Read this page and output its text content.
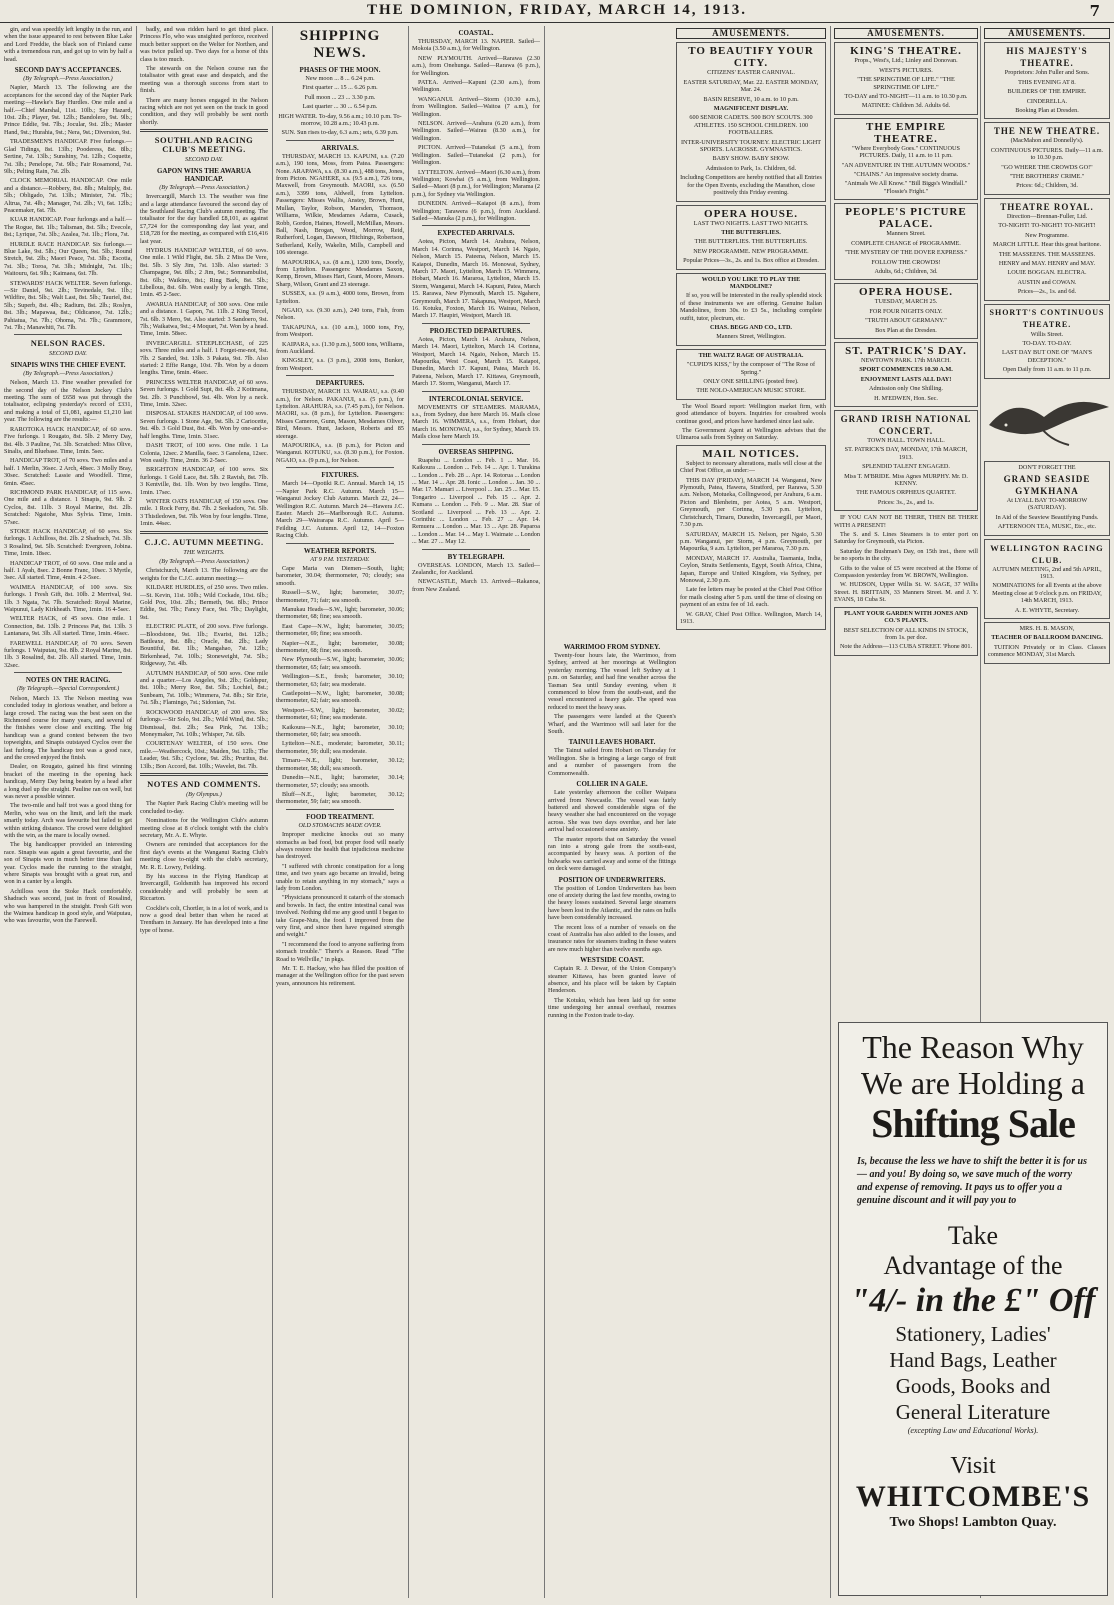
THE DOMINION, FRIDAY, MARCH 14, 1913.	7

gin, and was speedily left lengthy in the run, and when the issue appeared to rest between Blue Lake and Lord Freddie, the black son of Finland came with a tremendous run, and got up to win by half a head.

SECOND DAY'S ACCEPTANCES.
(By Telegraph.—Press Association.)

Napier, March 13. The following are the acceptances for the second day of the Napier Park meeting:—Hawke's Bay Hurdles. One mile and a half.—Chief Marshal, 11st. 10lb.; Say Hazard, 10st. 2lb.; Player, 9st. 12lb.; Bandolero, 9st. 9lb.; Prince Eddie, 9st. 7lb.; Jocular, 9st. 2lb.; Master Hand, 9st.; Hurahia, 9st.; Nera, 9st.; Diversion, 9st.

TRADESMEN'S HANDICAP. Five furlongs.—Glad Tidings, 8st. 13lb.; Pooderess, 8st. 8lb.; Sertine, 7st. 13lb.; Sunshiny, 7st. 12lb.; Coquette, 7st. 3lb.; Penelope, 7st. 9lb.; Fair Rosamond, 7st. 9lb.; Pelting Rain, 7st. 2lb.

CLOCK MEMORIAL HANDICAP. One mile and a distance.—Robbery, 8st. 8lb.; Multiply, 8st. 5lb.; Obligado, 7st. 13lb.; Minister, 7st. 7lb.; Altrua, 7st. 4lb.; Manager, 7st. 2lb.; Vi, 6st. 12lb.; Peacemaker, 6st. 7lb.

KUAR HANDICAP. Four furlongs and a half.—The Rogue, 8st. 1lb.; Talisman, 8st. 5lb.; Evecole, 8st.; Lyrique, 7st. 3lb.; Azalea, 7st. 1lb.; Flora, 7st.

HURDLE RACE HANDICAP. Six furlongs.—Blue Lake, 9st. 5lb.; Our Queen, 9st. 5lb.; Round Stretch, 9st. 2lb.; Maori Peace, 7st. 3lb.; Escotia, 7st. 3lb.; Toroa, 7st. 3lb.; Midnight, 7st. 1lb.; Waitouru, 6st. 9lb.; Kaimaea, 6st. 7lb.

STEWARDS' HACK WELTER. Seven furlongs.—Sir Daniel, 9st. 2lb.; Tevinedale, 9st. 1lb.; Wildfire, 8st. 5lb.; Walt Last, 8st. 5lb.; Tauriel, 8st. 5lb.; Superb, 8st. 4lb.; Radium, 8st. 2lb.; Roslyn, 8st. 3lb.; Mapawaa, 8st.; Oldicanoe, 7st. 12lb.; Pahiatua, 7st. 7lb.; Ohoma, 7st. 7lb.; Grammore, 7st. 7lb.; Manawhiti, 7st. 7lb.

NELSON RACES.
SECOND DAY.
SINAPIS WINS THE CHIEF EVENT.
(By Telegraph.—Press Association.)

Nelson, March 13. Fine weather prevailed for the second day of the Nelson Jockey Club's meeting. The sum of £658 was put through the totalisator, eclipsing yesterday's record of £331, and making a total of £1,081, against £1,210 last year. The following are the results:—

RAROTOKA HACK HANDICAP, of 60 sovs. Five furlongs. 1 Rougato, 8st. 5lb. 2 Merry Day, 8st. 4lb. 3 Pauline, 7st. 3lb. Scratched: Miss Olive, Sinalis, and Bluebase. Time, 1min. 5sec.

HANDICAP TROT, of 70 sovs. Two miles and a half. 1 Merlin, 36sec. 2 Arch, 48sec. 3 Molly Bray, 30sec. Scratched: Lassie and Woodfell. Time, 6min. 45sec.

RICHMOND PARK HANDICAP, of 115 sovs. One mile and a distance. 1 Sinapis, 9st. 9lb. 2 Cyclos, 8st. 11lb. 3 Royal Marine, 8st. 2lb. Scratched: Ngatohe, Mus Sylvia. Time, 1min. 57sec.

STOKE HACK HANDICAP, of 60 sovs. Six furlongs. 1 Achilloss, 8st. 2lb. 2 Shadrach, 7st. 3lb. 3 Rosalind, 9st. 5lb. Scratched: Evergreen, Jobina. Time, 1min. 18sec.

HANDICAP TROT, of 60 sovs. One mile and a half. 1 Ayah, 8sec. 2 Bonne Franc, 10sec. 3 Myrtle, 3sec. All started. Time, 4min. 4 2-5sec.

WAIMEA HANDICAP, of 100 sovs. Six furlongs. 1 Fresh Gift, 8st. 10lb. 2 Merrival, 9st. 1lb. 3 Ngata, 7st. 7lb. Scratched: Royal Marine, Waipunui, Lady Kirkheath. Time, 1min. 16 4-5sec.

WELTER HACK, of 45 sovs. One mile. 1 Connection, 8st. 13lb. 2 Princess Pat, 8st. 13lb. 3 Lantanara, 9st. 3lb. All started. Time, 1min. 46sec.

FAREWELL HANDICAP, of 70 sovs. Seven furlongs. 1 Waiputau, 9st. 8lb. 2 Royal Marine, 8st. 1lb. 3 Rosalind, 8st. 2lb. All started. Time, 1min. 32sec.

NOTES ON THE RACING.
(By Telegraph.—Special Correspondent.)

Nelson, March 13. The Nelson meeting was concluded today in glorious weather, and before a large crowd. The racing was the best seen on the Richmond course for many years, and several of the finishes were close and exciting. The big handicap was a grand contest between the two topweights, and Sinapis outstayed Cyclos over the last furlong. The handicap trot was a good race, and the crowd enjoyed the finish.

Dealer, on Rougato, gained his first winning bracket of the meeting in the opening hack handicap, Merry Day being beaten by a head after a long duel up the straight. Pauline ran on well, but was never a possible winner.

The two-mile and half trot was a good thing for Merlin, who was on the limit, and left the mark smartly today. Arch was favourite but failed to get within striking distance. The crowd were delighted with the win, as the mare is locally owned.

The big handicapper provided an interesting race. Sinapis was again a great favourite, and the son of Sinapis won in much better time than last year. Cyclos made the running to the straight, where Sinapis was brought with a great run, and won in a canter by a length.

Achilloss won the Stoke Hack comfortably. Shadrach was second, just in front of Rosalind, who was hampered in the straight. Fresh Gift won the Waimea handicap in good style, and Waiputau, who was favourite, won the Farewell.

badly, and was ridden hard to get third place. Princess Flo, who was unsighted perforce, received much better support on the Welter for Northen, and was twice pulled up. Two days for a horse of this class is too much.

The stewards on the Nelson course ran the totalisator with great ease and despatch, and the meeting was a thorough success from start to finish.

There are many horses engaged in the Nelson racing which are not yet seen on the track in good condition, and they will probably be sent north shortly.

SOUTHLAND RACING CLUB'S MEETING.
SECOND DAY.
GAPON WINS THE AWARUA HANDICAP.
(By Telegraph.—Press Association.)

Invercargill, March 13. The weather was fine and a large attendance favoured the second day of the Southland Racing Club's autumn meeting. The totalisator for the day handled £8,101, as against £7,724 for the corresponding day last year, and £18,728 for the meeting, as compared with £16,416 last year.

HYDRUS HANDICAP WELTER, of 60 sovs. One mile. 1 Wild Flight, 8st. 5lb. 2 Miss De Vere, 8st. 5lb. 3 Sly Jim, 7st. 13lb. Also started: 3 Champagne, 9st. 8lb.; 2 Jim, 9st.; Somnambulist, 8st. 6lb.; Waikino, 8st.; Ring Bark, 8st. 5lb.; Libellous, 8st. 6lb. Won easily by a length. Time, 1min. 45 2-5sec.

AWARUA HANDICAP, of 300 sovs. One mile and a distance. 1 Gapon, 7st. 11lb. 2 King Tercel, 7st. 6lb. 3 Mero, 9st. Also started: 3 Sandoero, 9st. 7lb.; Waikatwa, 9st.; 4 Moquet, 7st. Won by a head. Time, 1min. 58sec.

INVERCARGILL STEEPLECHASE, of 225 sovs. Three miles and a half. 1 Forget-me-not, 9st. 7lb. 2 Sanded, 9st. 13lb. 3 Pakata, 9st. 7lb. Also started: 2 Effie Range, 10st. 7lb. Won by a dozen lengths. Time, 6min. 46sec.

PRINCESS WELTER HANDICAP, of 60 sovs. Seven furlongs. 1 Gold Supt, 8st. 4lb. 2 Kotimana, 9st. 2lb. 3 Punchbowl, 9st. 4lb. Won by a neck. Time, 1min. 32sec.

DISPOSAL STAKES HANDICAP, of 100 sovs. Seven furlongs. 1 Stone Age, 9st. 5lb. 2 Cariocette, 9st. 4lb. 3 Gold Dust, 8st. 4lb. Won by one-and-a-half lengths. Time, 1min. 31sec.

DASH TROT, of 100 sovs. One mile. 1 La Colonia, 12sec. 2 Manilla, 6sec. 3 Ganolena, 12sec. Won easily. Time, 2min. 36 2-5sec.

BRIGHTON HANDICAP, of 100 sovs. Six furlongs. 1 Gold Lace, 8st. 5lb. 2 Ravish, 8st. 7lb. 3 Kentville, 8st. 1lb. Won by two lengths. Time, 1min. 17sec.

WINTER OATS HANDICAP, of 150 sovs. One mile. 1 Rock Ferry, 8st. 7lb. 2 Seekadors, 7st. 5lb. 3 Thistledown, 9st. 7lb. Won by four lengths. Time, 1min. 44sec.

C.J.C. AUTUMN MEETING.
THE WEIGHTS.
(By Telegraph.—Press Association.)

Christchurch, March 13. The following are the weights for the C.J.C. autumn meeting:—

KILDARE HURDLES, of 250 sovs. Two miles.—St. Kevin, 11st. 10lb.; Wild Cockade, 10st. 6lb.; Gold Pox, 10st. 2lb.; Bermeth, 9st. 8lb.; Prince Eddie, 9st. 7lb.; Fancy Face, 9st. 7lb.; Daylight, 9st.

ELECTRIC PLATE, of 200 sovs. Five furlongs.—Bloodstone, 9st. 1lb.; Evarist, 8st. 12lb.; Battleaxe, 8st. 8lb.; Oracle, 8st. 2lb.; Lady Bountiful, 8st. 1lb.; Mangahao, 7st. 12lb.; Birkenhead, 7st. 10lb.; Stoneweight, 7st. 5lb.; Ridgeway, 7st. 4lb.

AUTUMN HANDICAP, of 500 sovs. One mile and a quarter.—Los Angeles, 9st. 2lb.; Goldspur, 8st. 10lb.; Merry Roe, 8st. 5lb.; Lochiel, 8st.; Sunbeam, 7st. 10lb.; Wimmera, 7st. 8lb.; Sir Erie, 7st. 5lb.; Flamingo, 7st.; Sidonian, 7st.

ROCKWOOD HANDICAP, of 200 sovs. Six furlongs.—Sir Solo, 9st. 2lb.; Wild Wind, 8st. 5lb.; Dismissal, 8st. 2lb.; Sea Pink, 7st. 13lb.; Moneymaker, 7st. 10lb.; Whisper, 7st. 6lb.

COURTENAY WELTER, of 150 sovs. One mile.—Weathercock, 10st.; Maiden, 9st. 12lb.; The Leader, 9st. 5lb.; Cyclone, 9st. 2lb.; Pruritus, 8st. 13lb.; Bon Accord, 8st. 10lb.; Wavelet, 8st. 7lb.

NOTES AND COMMENTS.
(By Olympus.)

The Napier Park Racing Club's meeting will be concluded to-day.

Nominations for the Wellington Club's autumn meeting close at 8 o'clock tonight with the club's secretary, Mr. A. E. Whyte.

Owners are reminded that acceptances for the first day's events at the Wanganui Racing Club's meeting close to-night with the club's secretary, Mr. R. E. Lowry, Feilding.

By his success in the Flying Handicap at Invercargill, Goldsmith has improved his record considerably and will probably be seen at Riccarton.

Cocklie's colt, Chortler, is in a lot of work, and is now a good deal better than when he raced at Trentham in January. He has developed into a fine type of horse.

SHIPPING NEWS.
PHASES OF THE MOON.

New moon ... 8 ... 6.24 p.m.

First quarter ... 15 ... 6.26 p.m.

Full moon ... 23 ... 3.30 p.m.

Last quarter ... 30 ... 6.54 p.m.

HIGH WATER. To-day, 9.56 a.m.; 10.10 p.m. To-morrow, 10.28 a.m.; 10.43 p.m.

SUN. Sun rises to-day, 6.3 a.m.; sets, 6.39 p.m.

ARRIVALS.

THURSDAY, MARCH 13. KAPUNI, s.s. (7.20 a.m.), 190 tons, Moss, from Patea. Passengers: None. ARAPAWA, s.s. (8.30 a.m.), 488 tons, Jones, from Picton. NGAHERE, s.s. (9.5 a.m.), 726 tons, Maxwell, from Greymouth. MAORI, s.s. (6.50 a.m.), 3399 tons, Aldwell, from Lyttelton. Passengers: Misses Wallis, Anstey, Brown, Hunt, Mullan, Taylor, Robson, Marsden, Thomson, Williams, Wilkie, Mesdames Adams, Cusack, Robb, Gordon, Haines, Howell, McMillan, Messrs. Ball, Nash, Brogan, Wood, Morrow, Reid, Rutherford, Logan, Dawson, Hitchings, Robertson, Sutherland, Kelly, Wakelin, Mills, Campbell and 106 steerage.

MAPOURIKA, s.s. (8 a.m.), 1200 tons, Doorly, from Lyttelton. Passengers: Mesdames Saxon, Kemp, Brown, Misses Hart, Grant, Moore, Messrs. Sharp, Wilson, Grant and 23 steerage.

SUSSEX, s.s. (9 a.m.), 4000 tons, Brown, from Lyttelton.

NGAIO, s.s. (9.30 a.m.), 240 tons, Fish, from Nelson.

TAKAPUNA, s.s. (10 a.m.), 1000 tons, Fry, from Westport.

KAIPARA, s.s. (1.30 p.m.), 5000 tons, Williams, from Auckland.

KINGSLEY, s.s. (3 p.m.), 2008 tons, Bunker, from Westport.

DEPARTURES.

THURSDAY, MARCH 13. WAIRAU, s.s. (9.40 a.m.), for Nelson. PAKANUI, s.s. (5 p.m.), for Lyttelton. ARAHURA, s.s. (7.45 p.m.), for Nelson. MAORI, s.s. (8 p.m.), for Lyttelton. Passengers: Misses Cameron, Gunn, Mason, Mesdames Oliver, Bird, Messrs. Hunt, Jackson, Roberts and 85 steerage.

MAPOURIKA, s.s. (8 p.m.), for Picton and Wanganui. KOTUKU, s.s. (8.30 p.m.), for Foxton. NGAIO, s.s. (9 p.m.), for Nelson.

FIXTURES.

March 14—Opotiki R.C. Annual. March 14, 15—Napier Park R.C. Autumn. March 15—Wanganui Jockey Club Autumn. March 22, 24—Wellington R.C. Autumn. March 24—Hawera J.C. Easter. March 26—Marlborough R.C. Autumn. March 29—Wairarapa R.C. Autumn. April 5—Feilding J.C. Autumn. April 12, 14—Foxton Racing Club.

WEATHER REPORTS.
AT 9 P.M. YESTERDAY.

Cape Maria van Diemen—South, light; barometer, 30.04; thermometer, 70; cloudy; sea smooth.

Russell—S.W., light; barometer, 30.07; thermometer, 71; fair; sea smooth.

Manukau Heads—S.W., light; barometer, 30.06; thermometer, 68; fine; sea smooth.

East Cape—N.W., light; barometer, 30.05; thermometer, 69; fine; sea smooth.

Napier—N.E., light; barometer, 30.08; thermometer, 68; fine; sea smooth.

New Plymouth—S.W., light; barometer, 30.06; thermometer, 65; fair; sea smooth.

Wellington—S.E., fresh; barometer, 30.10; thermometer, 63; fair; sea moderate.

Castlepoint—N.W., light; barometer, 30.08; thermometer, 62; fair; sea smooth.

Westport—S.W., light; barometer, 30.02; thermometer, 61; fine; sea moderate.

Kaikoura—N.E., light; barometer, 30.10; thermometer, 60; fair; sea smooth.

Lyttelton—N.E., moderate; barometer, 30.11; thermometer, 59; dull; sea moderate.

Timaru—N.E., light; barometer, 30.12; thermometer, 58; dull; sea smooth.

Dunedin—N.E., light; barometer, 30.14; thermometer, 57; cloudy; sea smooth.

Bluff—N.E., light; barometer, 30.12; thermometer, 59; fair; sea smooth.

FOOD TREATMENT.
OLD STOMACHS MADE OVER.

Improper medicine knocks out so many stomachs as bad food, but proper food will nearly always restore the health that injudicious medicine has destroyed.

"I suffered with chronic constipation for a long time, and two years ago became an invalid, being unable to retain anything in my stomach," says a lady from London.

"Physicians pronounced it catarrh of the stomach and bowels. In fact, the entire intestinal canal was involved. Nothing did me any good until I began to take Grape-Nuts, the food. I improved from the very first, and since then have regained strength and weight."

"I recommend the food to anyone suffering from stomach trouble." There's a Reason. Read "The Road to Wellville," in pkgs.

Mr. T. E. Hackay, who has filled the position of manager at the Wellington office for the past seven years, announces his retirement.

COASTAL.

THURSDAY, MARCH 13. NAPIER. Sailed—Mokoia (3.50 a.m.), for Wellington.

NEW PLYMOUTH. Arrived—Rarawa (2.30 a.m.), from Onehunga. Sailed—Rarawa (6 p.m.), for Wellington.

PATEA. Arrived—Kapuni (2.30 a.m.), from Wellington.

WANGANUI. Arrived—Storm (10.30 a.m.), from Wellington. Sailed—Waitoa (7 a.m.), for Wellington.

NELSON. Arrived—Arahura (6.20 a.m.), from Wellington. Sailed—Wairau (8.30 a.m.), for Wellington.

PICTON. Arrived—Tutanekai (5 a.m.), from Wellington. Sailed—Tutanekai (2 p.m.), for Wellington.

LYTTELTON. Arrived—Maori (6.30 a.m.), from Wellington; Kowhai (5 a.m.), from Wellington. Sailed—Maori (8 p.m.), for Wellington; Marama (2 p.m.), for Sydney via Wellington.

DUNEDIN. Arrived—Kaiapoi (8 a.m.), from Wellington; Tarawera (6 p.m.), from Auckland. Sailed—Manuka (2 p.m.), for Wellington.

EXPECTED ARRIVALS.

Aotea, Picton, March 14. Arahura, Nelson, March 14. Corinna, Westport, March 14. Ngaio, Nelson, March 15. Pateena, Nelson, March 15. Kaiapoi, Dunedin, March 16. Monowai, Sydney, March 17. Maori, Lyttelton, March 15. Wimmera, Hobart, March 16. Mararoa, Lyttelton, March 15. Storm, Wanganui, March 14. Kapuni, Patea, March 15. Rarawa, New Plymouth, March 15. Ngahere, Greymouth, March 17. Takapuna, Westport, March 16. Kotuku, Foxton, March 16. Wairau, Nelson, March 17. Haupiri, Westport, March 18.

PROJECTED DEPARTURES.

Aotea, Picton, March 14. Arahura, Nelson, March 14. Maori, Lyttelton, March 14. Corinna, Westport, March 14. Ngaio, Nelson, March 15. Mapourika, West Coast, March 15. Kaiapoi, Dunedin, March 17. Kapuni, Patea, March 16. Pateena, Nelson, March 17. Kittawa, Greymouth, March 17. Storm, Wanganui, March 17.

INTERCOLONIAL SERVICE.

MOVEMENTS OF STEAMERS. MARAMA, s.s., from Sydney, due here March 16. Mails close March 16. WIMMERA, s.s., from Hobart, due March 16. MONOWAI, s.s., for Sydney, March 19. Mails close here March 19.

OVERSEAS SHIPPING.

Ruapehu ... London ... Feb. 1 ... Mar. 16. Kaikoura ... London ... Feb. 14 ... Apr. 1. Turakina ... London ... Feb. 28 ... Apr. 14. Rotorua ... London ... Mar. 14 ... Apr. 28. Ionic ... London ... Jan. 30 ... Mar. 17. Mamari ... Liverpool ... Jan. 25 ... Mar. 15. Tongariro ... Liverpool ... Feb. 15 ... Apr. 2. Kumara ... London ... Feb. 9 ... Mar. 28. Star of Scotland ... Liverpool ... Feb. 13 ... Apr. 2. Corinthic ... London ... Feb. 27 ... Apr. 14. Remuera ... London ... Mar. 13 ... Apr. 28. Paparoa ... London ... Mar. 14 ... May 1. Waimate ... London ... Mar. 27 ... May 12.

BY TELEGRAPH.

OVERSEAS. LONDON, March 13. Sailed—Zealandic, for Auckland.

NEWCASTLE, March 13. Arrived—Rakanoa, from New Zealand.

WARRIMOO FROM SYDNEY.

Twenty-four hours late, the Warrimoo, from Sydney, arrived at her moorings at Wellington yesterday morning. The vessel left Sydney at 1 p.m. on Saturday, and had fine weather across the Tasman Sea until Sunday evening, when it commenced to blow from the south-east, and the vessel encountered a heavy gale. The speed was reduced to meet the heavy seas.

The passengers were landed at the Queen's Wharf, and the Warrimoo will sail later for the South.

TAINUI LEAVES HOBART.

The Tainui sailed from Hobart on Thursday for Wellington. She is bringing a large cargo of fruit and a number of passengers from the Commonwealth.

COLLIER IN A GALE.

Late yesterday afternoon the collier Waipara arrived from Newcastle. The vessel was fairly battered and showed considerable signs of the heavy weather she had encountered on the voyage across. She was two days overdue, and her late arrival had occasioned some anxiety.

The master reports that on Saturday the vessel ran into a strong gale from the south-east, accompanied by heavy seas. A portion of the bulwarks was carried away and some of the fittings on deck were damaged.

POSITION OF UNDERWRITERS.

The position of London Underwriters has been one of anxiety during the last few months, owing to the heavy losses sustained. Several large steamers have been lost in the Atlantic, and the rates on hulls have been considerably increased.

The recent loss of a number of vessels on the coast of Australia has also added to the losses, and insurance rates for steamers trading in these waters are now much higher than twelve months ago.

WESTSIDE COAST.

Captain R. J. Dewar, of the Union Company's steamer Kittawa, has been granted leave of absence, and his place will be taken by Captain Henderson.

The Kotuku, which has been laid up for some time undergoing her annual overhaul, resumes running in the Foxton trade to-day.

AMUSEMENTS.
TO BEAUTIFY YOUR CITY.

CITIZENS' EASTER CARNIVAL.

EASTER SATURDAY, Mar. 22. EASTER MONDAY, Mar. 24.

BASIN RESERVE, 10 a.m. to 10 p.m.

MAGNIFICENT DISPLAY.

600 SENIOR CADETS. 500 BOY SCOUTS. 300 ATHLETES. 150 SCHOOL CHILDREN. 100 FOOTBALLERS.

INTER-UNIVERSITY TOURNEY. ELECTRIC LIGHT SPORTS. LACROSSE. GYMNASTICS.

BABY SHOW. BABY SHOW.

Admission to Park, 1s. Children, 6d.

Including Competitors are hereby notified that all Entries for the Open Events, excluding the Marathon, close positively this Friday evening.

OPERA HOUSE.

LAST TWO NIGHTS. LAST TWO NIGHTS.

THE BUTTERFLIES.

THE BUTTERFLIES. THE BUTTERFLIES.

NEW PROGRAMME. NEW PROGRAMME.

Popular Prices—3s., 2s. and 1s. Box office at Dresden.

WOULD YOU LIKE TO PLAY THE MANDOLINE?

If so, you will be interested in the really splendid stock of these instruments we are offering. Genuine Italian Mandolines, from 30s. to £3 5s., including complete outfit, tutor, plectrum, etc.

CHAS. BEGG AND CO., LTD.

Manners Street, Wellington.

THE WALTZ RAGE OF AUSTRALIA.

"CUPID'S KISS," by the composer of "The Rose of Spring."

ONLY ONE SHILLING (posted free).

THE NOLO-AMERICAN MUSIC STORE.

The Wool Board report: Wellington market firm, with good attendance of buyers. Inquiries for crossbred wools continue good, and prices have hardened since last sale.

The Government Agent at Wellington advises that the Ulimaroa sails from Sydney on Saturday.

MAIL NOTICES.

Subject to necessary alterations, mails will close at the Chief Post Office, as under:—

THIS DAY (FRIDAY), MARCH 14. Wanganui, New Plymouth, Patea, Hawera, Stratford, per Rarawa, 5.30 a.m. Nelson, Motueka, Collingwood, per Arahura, 6 a.m. Picton and Blenheim, per Aotea, 5 a.m. Westport, Greymouth, per Corinna, 5.30 p.m. Lyttelton, Christchurch, Timaru, Dunedin, Invercargill, per Maori, 7.30 p.m.

SATURDAY, MARCH 15. Nelson, per Ngaio, 5.30 p.m. Wanganui, per Storm, 4 p.m. Greymouth, per Mapourika, 9 a.m. Lyttelton, per Mararoa, 7.30 p.m.

MONDAY, MARCH 17. Australia, Tasmania, India, Ceylon, Straits Settlements, Egypt, South Africa, China, Japan, Europe and United Kingdom, via Sydney, per Monowai, 2.30 p.m.

Late fee letters may be posted at the Chief Post Office for mails closing after 5 p.m. until the time of closing on payment of an extra fee of 1d. each.

W. GRAY, Chief Post Office. Wellington, March 14, 1913.

AMUSEMENTS.
KING'S THEATRE.

Props., West's, Ltd.; Linley and Donovan.

WEST'S PICTURES.

"THE SPRINGTIME OF LIFE." "THE SPRINGTIME OF LIFE."

TO-DAY and TO-NIGHT—11 a.m. to 10.30 p.m.

MATINEE: Children 3d. Adults 6d.

THE EMPIRE THEATRE.

"Where Everybody Goes." CONTINUOUS PICTURES. Daily, 11 a.m. to 11 p.m.

"AN ADVENTURE IN THE AUTUMN WOODS."

"CHAINS." An impressive society drama.

"Animals We All Know." "Bill Biggs's Windfall." "Flossie's Fright."

PEOPLE'S PICTURE PALACE.

Manners Street.

COMPLETE CHANGE of PROGRAMME.

"THE MYSTERY OF THE DOVER EXPRESS."

FOLLOW THE CROWDS!

Adults, 6d.; Children, 3d.

OPERA HOUSE.

TUESDAY, MARCH 25.

FOR FOUR NIGHTS ONLY.

"TRUTH ABOUT GERMANY."

Box Plan at the Dresden.

ST. PATRICK'S DAY.

NEWTOWN PARK. 17th MARCH.

SPORT COMMENCES 10.30 A.M.

ENJOYMENT LASTS ALL DAY!

Admission only One Shilling.

H. M'EDWEN, Hon. Sec.

GRAND IRISH NATIONAL CONCERT.

TOWN HALL. TOWN HALL.

ST. PATRICK'S DAY, MONDAY, 17th MARCH, 1913.

SPLENDID TALENT ENGAGED.

Miss T. M'BRIDE. Miss Agnes MURPHY. Mr. D. KENNY.

THE FAMOUS ORPHEUS QUARTET.

Prices: 3s., 2s., and 1s.

IF YOU CAN NOT BE THERE, THEN BE THERE WITH A PRESENT!

The S. and S. Lines Steamers is to enter port on Saturday for Greymouth, via Picton.

Saturday the Bushman's Day, on 15th inst., there will be no sports in the city.

Gifts to the value of £5 were received at the Home of Compassion yesterday from W. BROWN, Wellington.

W. HUDSON, Upper Willis St. W. SAGE, 37 Willis Street. H. BRITTAIN, 33 Manners Street. M. and J. Y. EVANS, 18 Cuba St.

PLANT YOUR GARDEN WITH JONES AND CO.'S PLANTS.

BEST SELECTION OF ALL KINDS IN STOCK, from 1s. per doz.

Note the Address—113 CUBA STREET. 'Phone 801.

AMUSEMENTS.
HIS MAJESTY'S THEATRE.

Proprietors: John Fuller and Sons.

THIS EVENING AT 8.

BUILDERS OF THE EMPIRE.

CINDERELLA.

Booking Plan at Dresden.

THE NEW THEATRE.

(MacMahon and Donnelly's).

CONTINUOUS PICTURES. Daily—11 a.m. to 10.30 p.m.

"GO WHERE THE CROWDS GO!"

"THE BROTHERS' CRIME."

Prices: 6d.; Children, 3d.

THEATRE ROYAL.

Direction—Brennan-Fuller, Ltd.

TO-NIGHT! TO-NIGHT! TO-NIGHT!

New Programme.

MARCH LITTLE. Hear this great baritone.

THE MASSEENS. THE MASSEENS.

HENRY and MAY. HENRY and MAY.

LOUIE BOGGAN. ELECTRA.

AUSTIN and COWAN.

Prices—2s., 1s. and 6d.

SHORTT'S CONTINUOUS THEATRE.

Willis Street.

TO-DAY. TO-DAY.

LAST DAY BUT ONE OF "MAN'S DECEPTION."

Open Daily from 11 a.m. to 11 p.m.

DON'T FORGET THE

GRAND SEASIDE GYMKHANA

At LYALL BAY TO-MORROW (SATURDAY).

In Aid of the Seaview Beautifying Funds.

AFTERNOON TEA, MUSIC, Etc., etc.

WELLINGTON RACING CLUB.

AUTUMN MEETING, 2nd and 5th APRIL, 1913.

NOMINATIONS for all Events at the above Meeting close at 9 o'clock p.m. on FRIDAY, 14th MARCH, 1913.

A. E. WHYTE, Secretary.

MRS. H. B. MASON,

TEACHER OF BALLROOM DANCING.

TUITION Privately or in Class. Classes commence MONDAY, 31st March.

The Reason Why
We are Holding a
Shifting Sale
Is, because the less we have to shift the better it is for us — and you! By doing so, we save much of the worry and expense of removing. It pays us to offer you a genuine discount and it will pay you to
Take
Advantage of the
"4/- in the £" Off
Stationery, Ladies'
Hand Bags, Leather
Goods, Books and
General Literature
(excepting Law and Educational Works).
Visit
WHITCOMBE'S
Two Shops! Lambton Quay.
